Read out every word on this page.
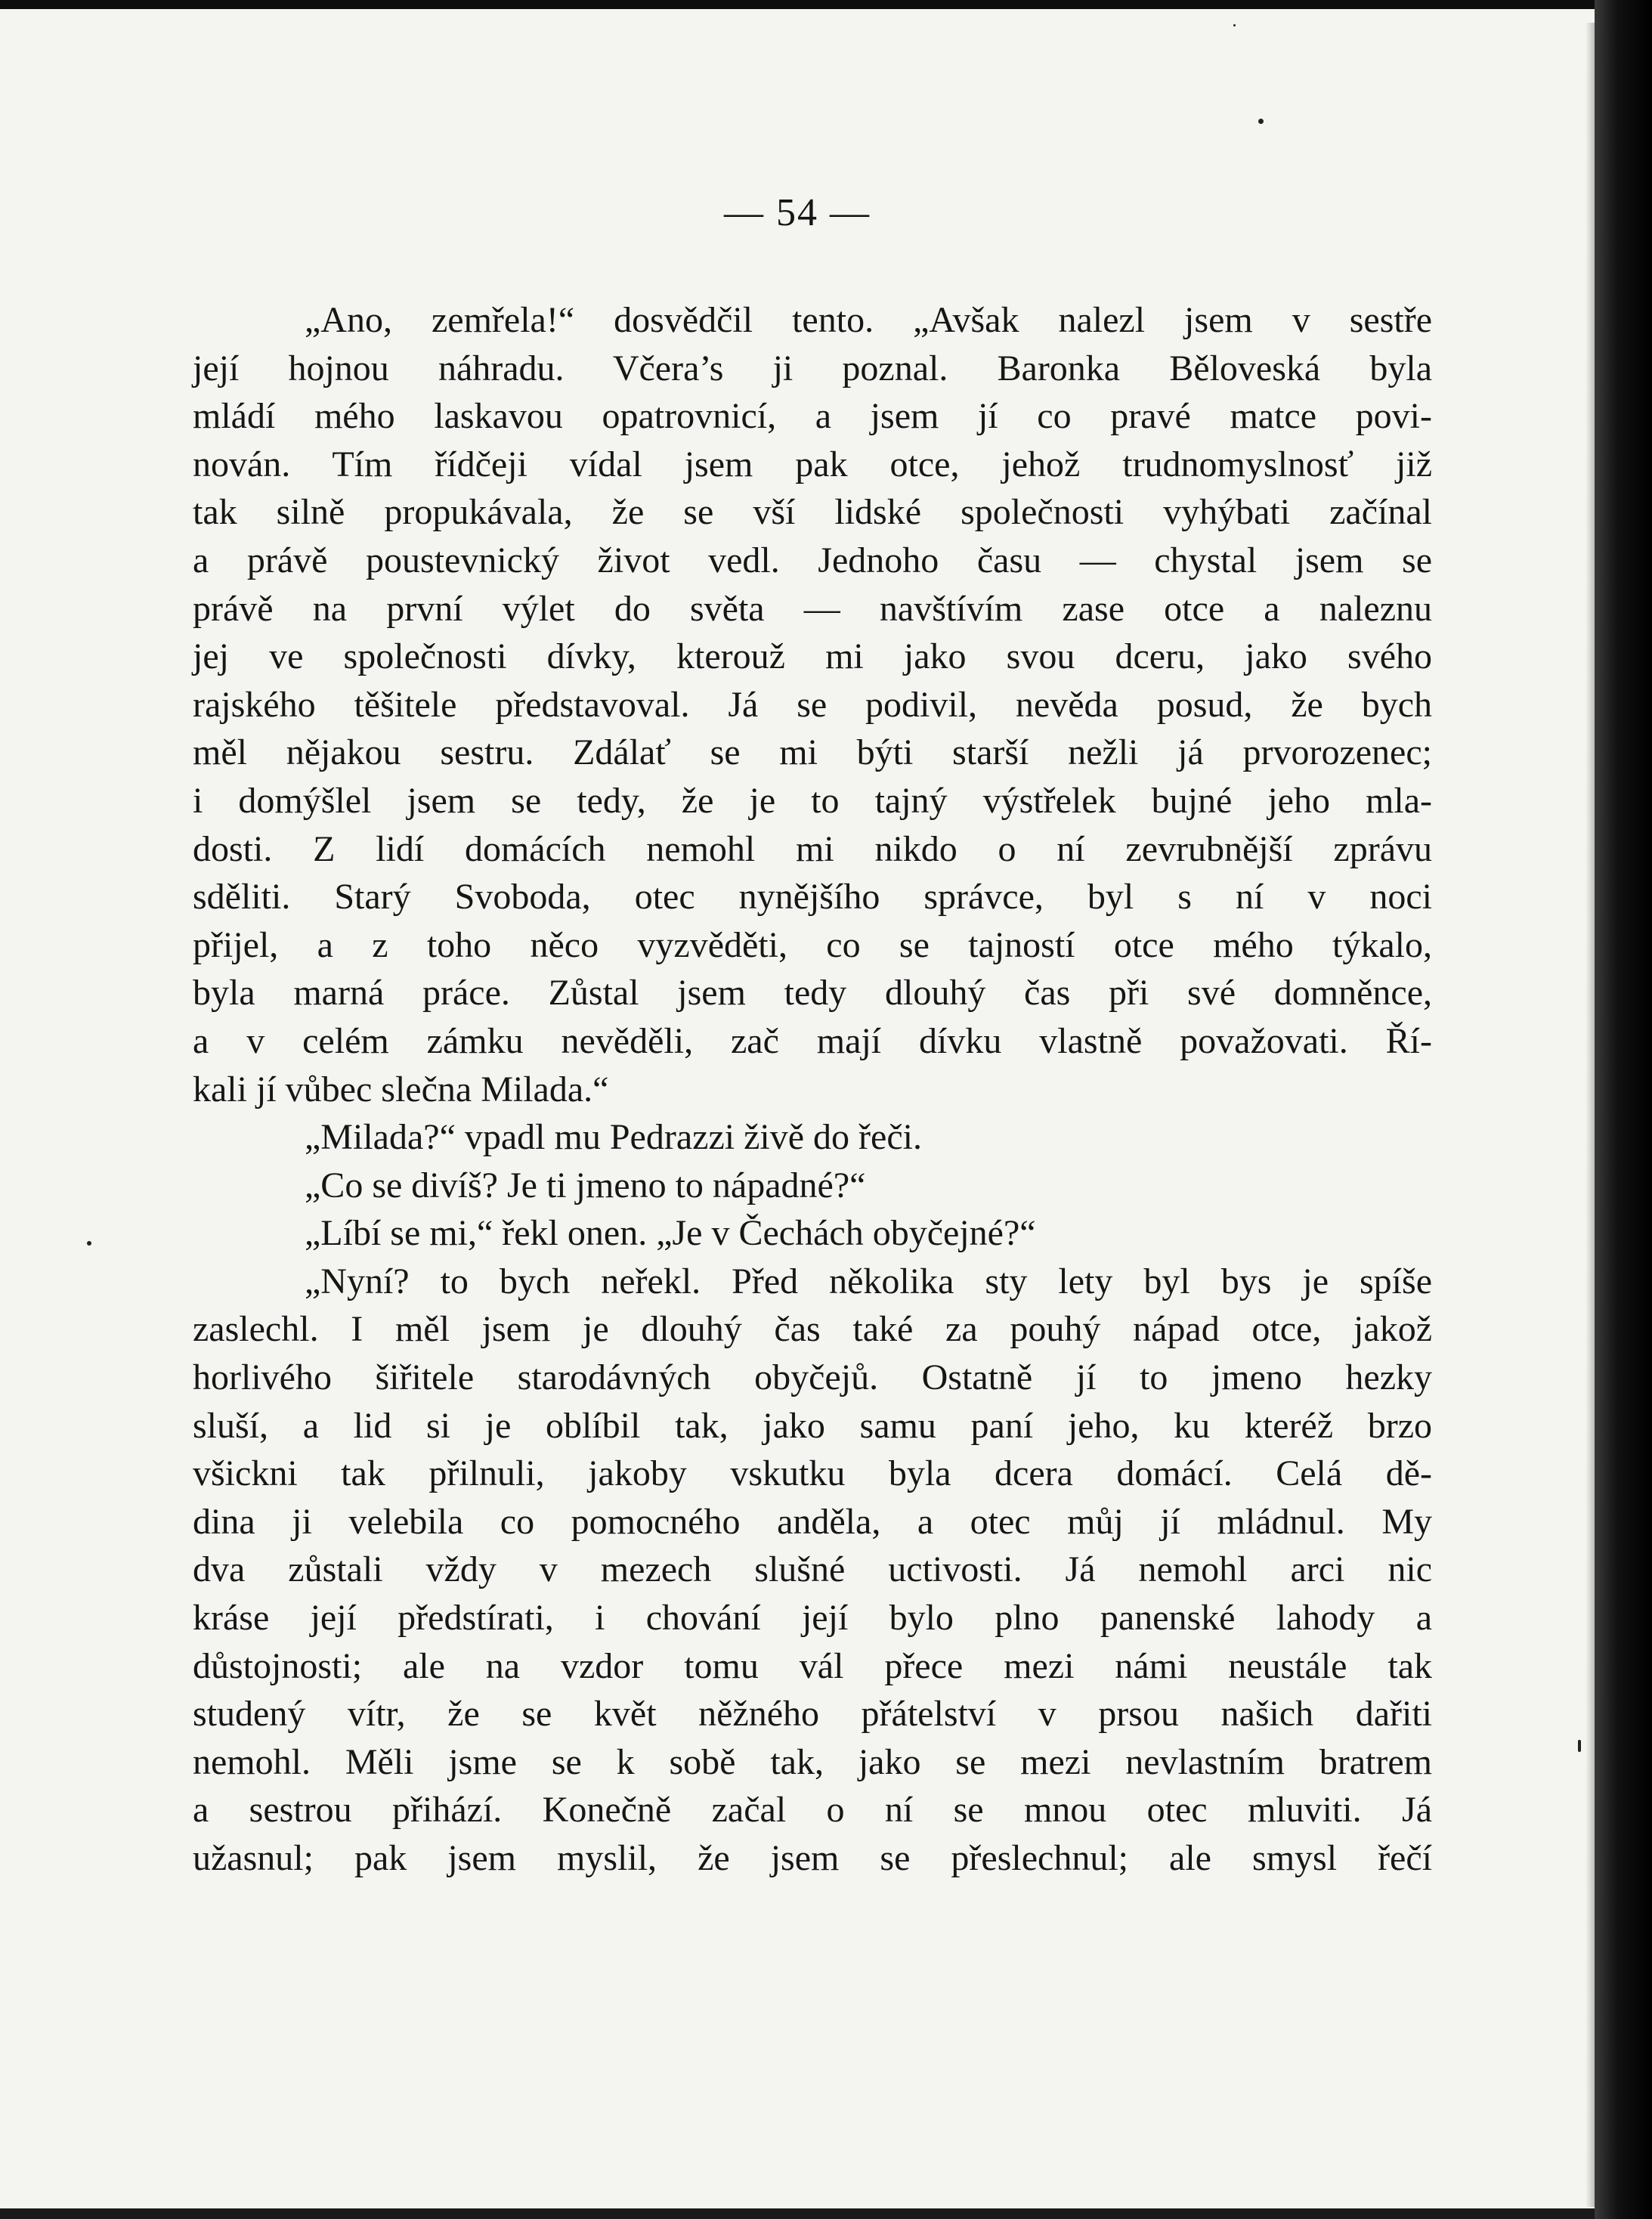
— 54 —
„Ano, zemřela!“ dosvědčil tento. „Avšak nalezl jsem v sestře
její hojnou náhradu. Včera’s ji poznal. Baronka Běloveská byla
mládí mého laskavou opatrovnicí, a jsem jí co pravé matce povi-
nován. Tím řídčeji vídal jsem pak otce, jehož trudnomyslnosť již
tak silně propukávala, že se vší lidské společnosti vyhýbati začínal
a právě poustevnický život vedl. Jednoho času — chystal jsem se
právě na první výlet do světa — navštívím zase otce a naleznu
jej ve společnosti dívky, kterouž mi jako svou dceru, jako svého
rajského těšitele představoval. Já se podivil, nevěda posud, že bych
měl nějakou sestru. Zdálať se mi býti starší nežli já prvorozenec;
i domýšlel jsem se tedy, že je to tajný výstřelek bujné jeho mla-
dosti. Z lidí domácích nemohl mi nikdo o ní zevrubnější zprávu
sděliti. Starý Svoboda, otec nynějšího správce, byl s ní v noci
přijel, a z toho něco vyzvěděti, co se tajností otce mého týkalo,
byla marná práce. Zůstal jsem tedy dlouhý čas při své domněnce,
a v celém zámku nevěděli, zač mají dívku vlastně považovati. Ří-
kali jí vůbec slečna Milada.“
„Milada?“ vpadl mu Pedrazzi živě do řeči.
„Co se divíš? Je ti jmeno to nápadné?“
„Líbí se mi,“ řekl onen. „Je v Čechách obyčejné?“
„Nyní? to bych neřekl. Před několika sty lety byl bys je spíše
zaslechl. I měl jsem je dlouhý čas také za pouhý nápad otce, jakož
horlivého šiřitele starodávných obyčejů. Ostatně jí to jmeno hezky
sluší, a lid si je oblíbil tak, jako samu paní jeho, ku kteréž brzo
všickni tak přilnuli, jakoby vskutku byla dcera domácí. Celá dě-
dina ji velebila co pomocného anděla, a otec můj jí mládnul. My
dva zůstali vždy v mezech slušné uctivosti. Já nemohl arci nic
kráse její předstírati, i chování její bylo plno panenské lahody a
důstojnosti; ale na vzdor tomu vál přece mezi námi neustále tak
studený vítr, že se květ něžného přátelství v prsou našich dařiti
nemohl. Měli jsme se k sobě tak, jako se mezi nevlastním bratrem
a sestrou přihází. Konečně začal o ní se mnou otec mluviti. Já
užasnul; pak jsem myslil, že jsem se přeslechnul; ale smysl řečí
